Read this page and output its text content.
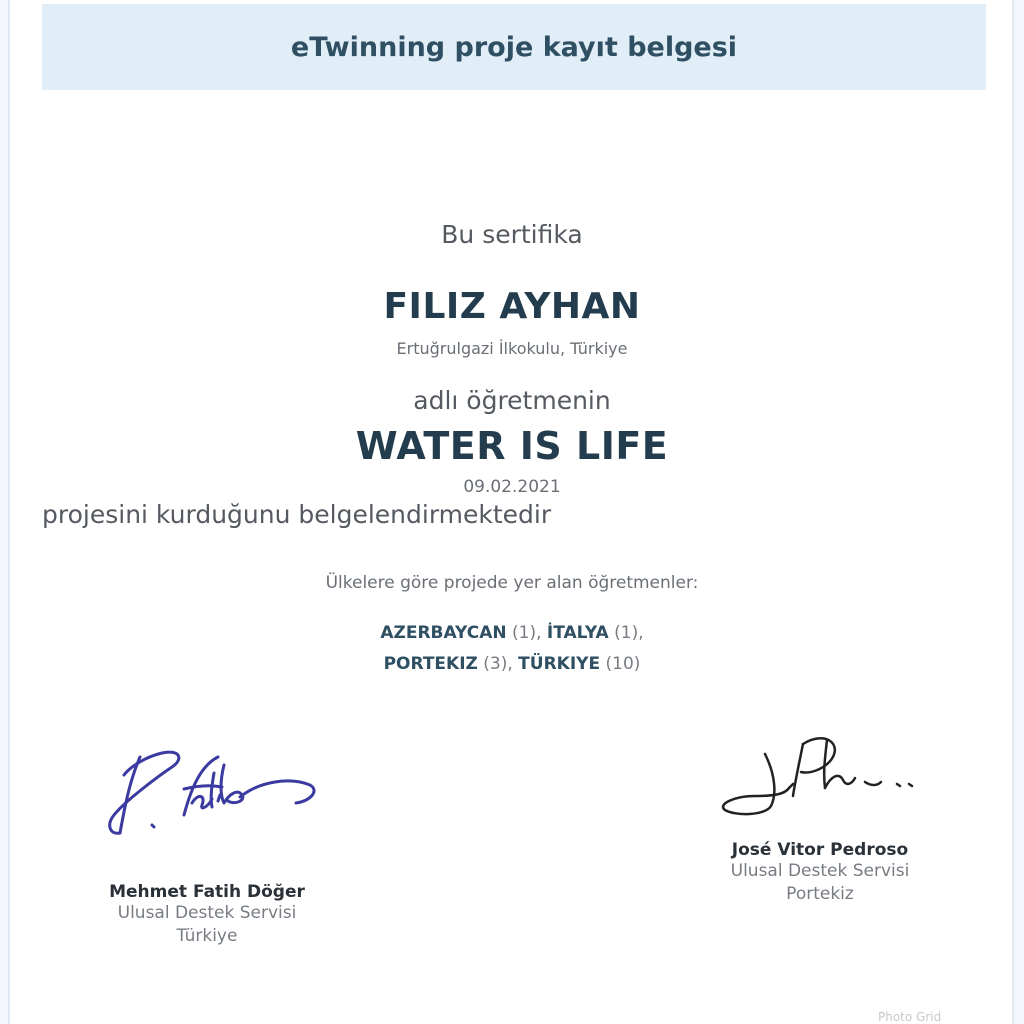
eTwinning proje kayıt belgesi
Bu sertifika
FILIZ AYHAN
Ertuğrulgazi İlkokulu, Türkiye
adlı öğretmenin
WATER IS LIFE
09.02.2021
projesini kurduğunu belgelendirmektedir
Ülkelere göre projede yer alan öğretmenler:
AZERBAYCAN (1), İTALYA (1),
PORTEKIZ (3), TÜRKIYE (10)
Mehmet Fatih Döğer
Ulusal Destek Servisi
Türkiye
José Vitor Pedroso
Ulusal Destek Servisi
Portekiz
Photo Grid
